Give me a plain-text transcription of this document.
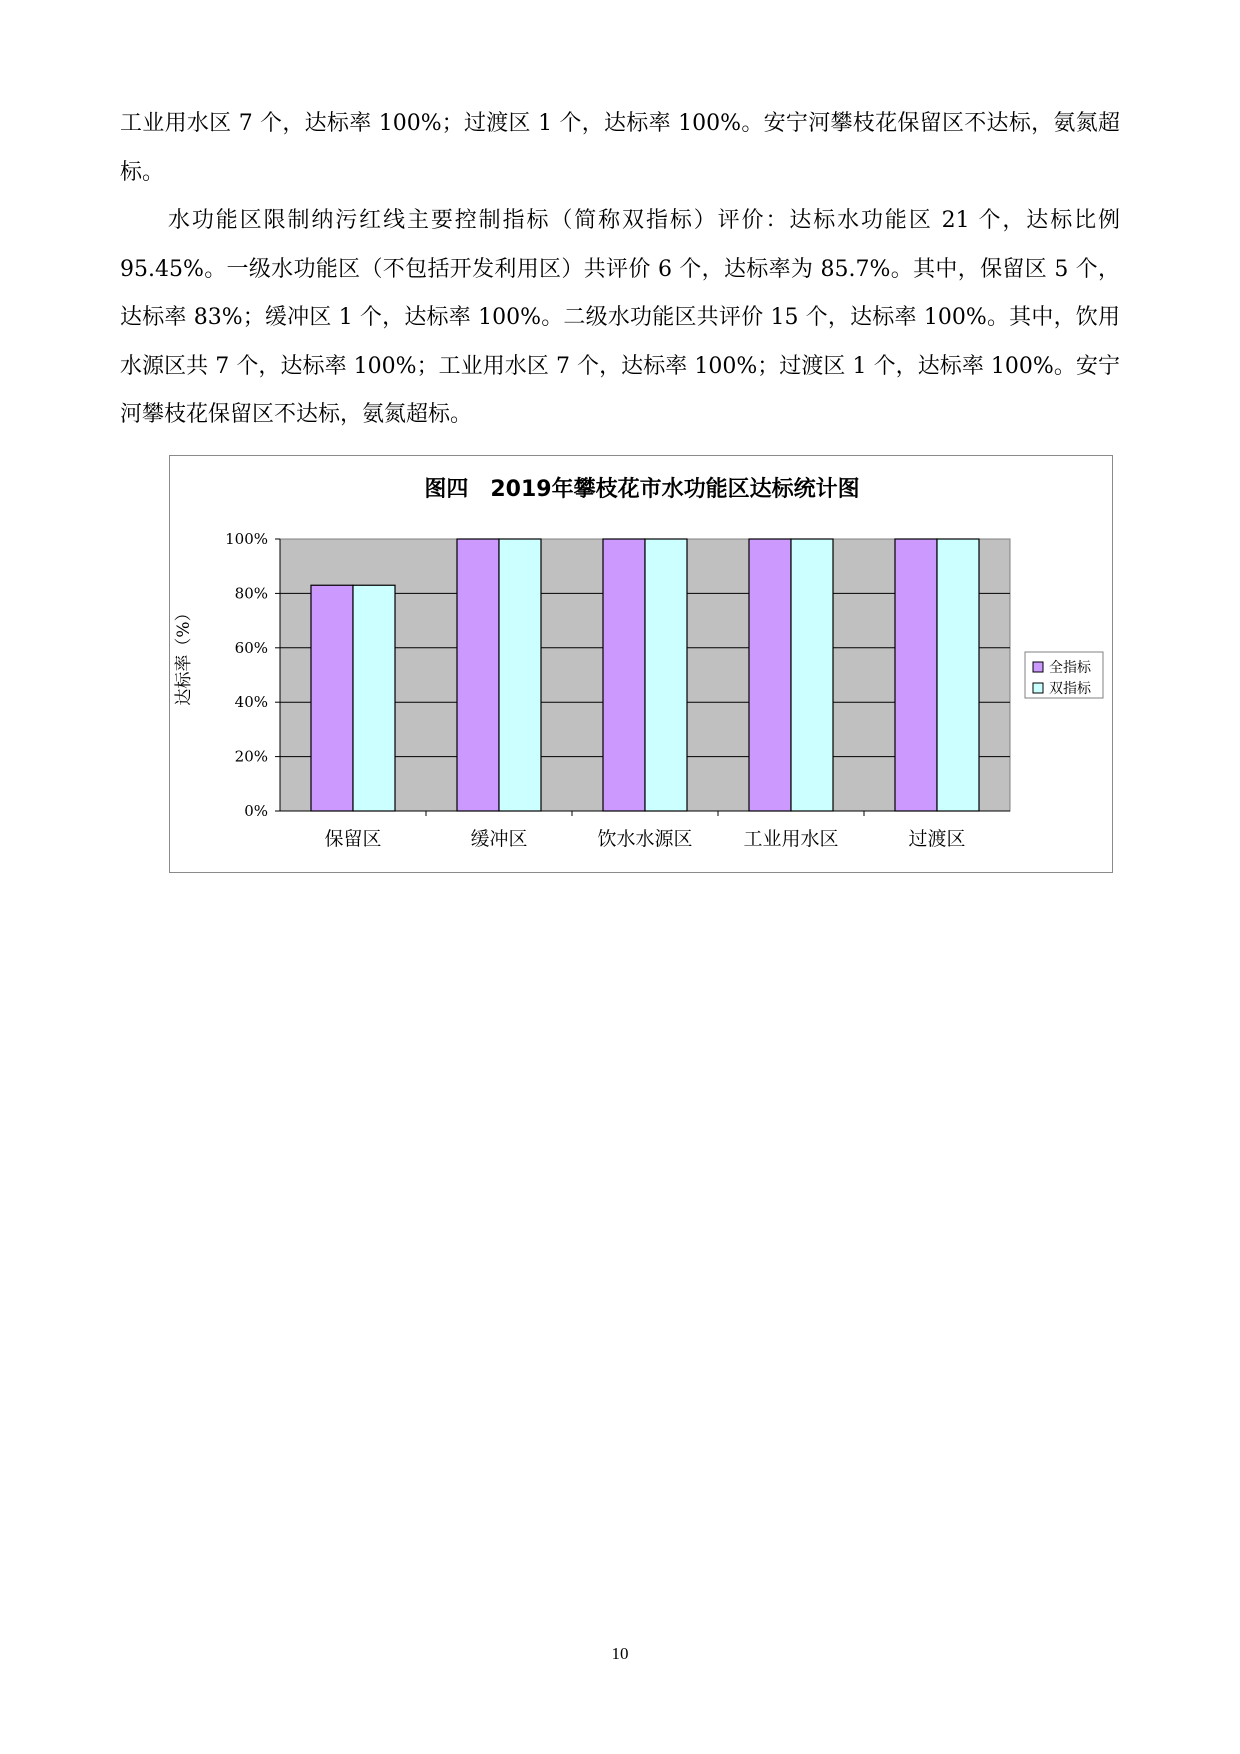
工业用水区 7 个，达标率 100%；过渡区 1 个，达标率 100%。安宁河攀枝花保留区不达标，氨氮超标。

水功能区限制纳污红线主要控制指标（简称双指标）评价：达标水功能区 21 个，达标比例 95.45%。一级水功能区（不包括开发利用区）共评价 6 个，达标率为 85.7%。其中，保留区 5 个，达标率 83%；缓冲区 1 个，达标率 100%。二级水功能区共评价 15 个，达标率 100%。其中，饮用水源区共 7 个，达标率 100%；工业用水区 7 个，达标率 100%；过渡区 1 个，达标率 100%。安宁河攀枝花保留区不达标，氨氮超标。

图四　2019年攀枝花市水功能区达标统计图
0%
20%
40%
60%
80%
100%
保留区	缓冲区	饮水水源区	工业用水区	过渡区
达标率（%）	全指标
双指标
10
